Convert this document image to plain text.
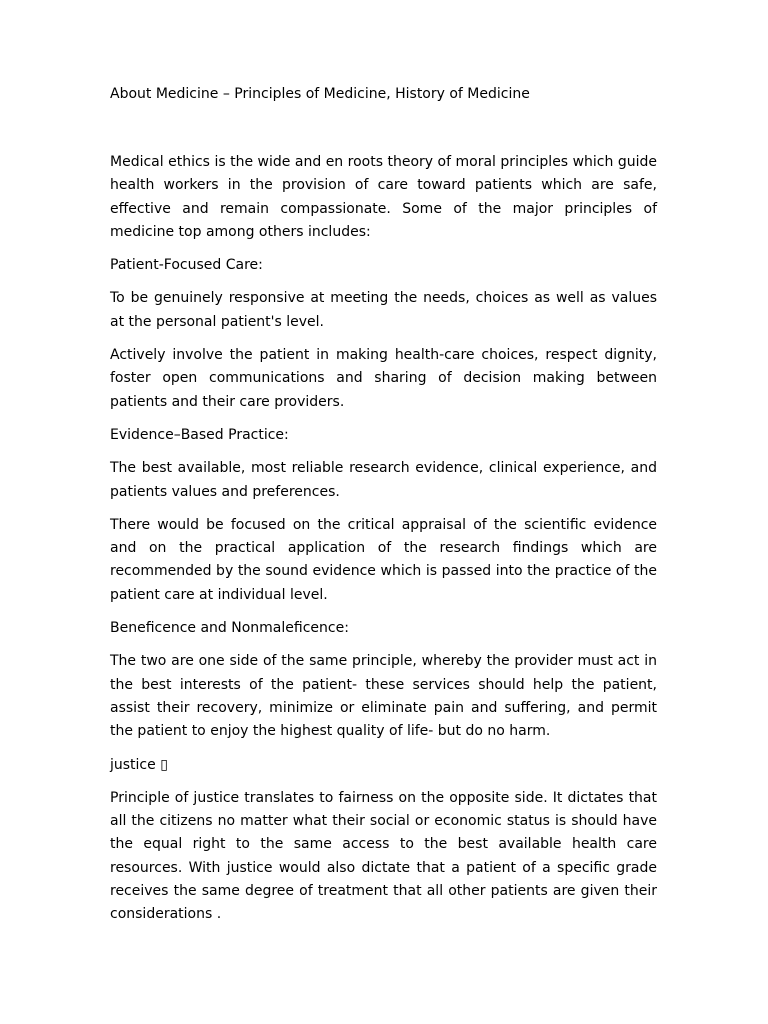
About Medicine – Principles of Medicine, History of Medicine

Medical ethics is the wide and en roots theory of moral principles which guide health workers in the provision of care toward patients which are safe, effective and remain compassionate. Some of the major principles of medicine top among others includes:

Patient-Focused Care:

To be genuinely responsive at meeting the needs, choices as well as values at the personal patient's level.

Actively involve the patient in making health-care choices, respect dignity, foster open communications and sharing of decision making between patients and their care providers.

Evidence–Based Practice:

The best available, most reliable research evidence, clinical experience, and patients values and preferences.

There would be focused on the critical appraisal of the scientific evidence and on the practical application of the research findings which are recommended by the sound evidence which is passed into the practice of the patient care at individual level.

Beneficence and Nonmaleficence:

The two are one side of the same principle, whereby the provider must act in the best interests of the patient- these services should help the patient, assist their recovery, minimize or eliminate pain and suffering, and permit the patient to enjoy the highest quality of life- but do no harm.

justice ▯

Principle of justice translates to fairness on the opposite side. It dictates that all the citizens no matter what their social or economic status is should have the equal right to the same access to the best available health care resources. With justice would also dictate that a patient of a specific grade receives the same degree of treatment that all other patients are given their considerations .
